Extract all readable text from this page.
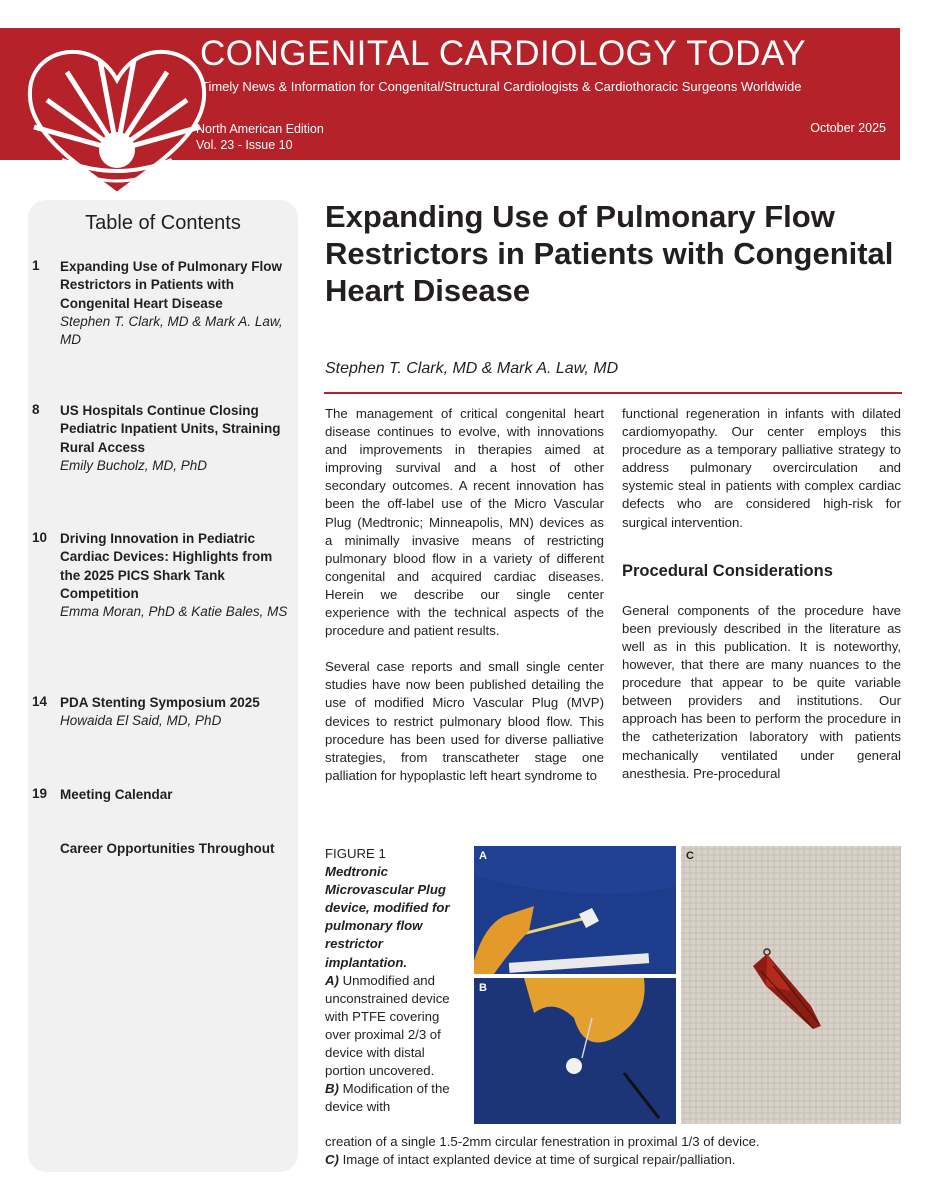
CONGENITAL CARDIOLOGY TODAY
Timely News & Information for Congenital/Structural Cardiologists & Cardiothoracic Surgeons Worldwide
North American Edition
Vol. 23 - Issue 10
October 2025
Table of Contents
1 Expanding Use of Pulmonary Flow Restrictors in Patients with Congenital Heart Disease
Stephen T. Clark, MD & Mark A. Law, MD
8 US Hospitals Continue Closing Pediatric Inpatient Units, Straining Rural Access
Emily Bucholz, MD, PhD
10 Driving Innovation in Pediatric Cardiac Devices: Highlights from the 2025 PICS Shark Tank Competition
Emma Moran, PhD & Katie Bales, MS
14 PDA Stenting Symposium 2025
Howaida El Said, MD, PhD
19 Meeting Calendar
Career Opportunities Throughout
Expanding Use of Pulmonary Flow Restrictors in Patients with Congenital Heart Disease
Stephen T. Clark, MD & Mark A. Law, MD

The management of critical congenital heart disease continues to evolve, with innovations and improvements in therapies aimed at improving survival and a host of other secondary outcomes. A recent innovation has been the off-label use of the Micro Vascular Plug (Medtronic; Minneapolis, MN) devices as a minimally invasive means of restricting pulmonary blood flow in a variety of different congenital and acquired cardiac diseases. Herein we describe our single center experience with the technical aspects of the procedure and patient results.

Several case reports and small single center studies have now been published detailing the use of modified Micro Vascular Plug (MVP) devices to restrict pulmonary blood flow. This procedure has been used for diverse palliative strategies, from transcatheter stage one palliation for hypoplastic left heart syndrome to

functional regeneration in infants with dilated cardiomyopathy. Our center employs this procedure as a temporary palliative strategy to address pulmonary overcirculation and systemic steal in patients with complex cardiac defects who are considered high-risk for surgical intervention.

Procedural Considerations

General components of the procedure have been previously described in the literature as well as in this publication. It is noteworthy, however, that there are many nuances to the procedure that appear to be quite variable between providers and institutions. Our approach has been to perform the procedure in the catheterization laboratory with patients mechanically ventilated under general anesthesia. Pre-procedural

FIGURE 1
Medtronic Microvascular Plug device, modified for pulmonary flow restrictor implantation.
A) Unmodified and unconstrained device with PTFE covering over proximal 2/3 of device with distal portion uncovered.
B) Modification of the device with
creation of a single 1.5-2mm circular fenestration in proximal 1/3 of device.
C) Image of intact explanted device at time of surgical repair/palliation.
A
B
C
